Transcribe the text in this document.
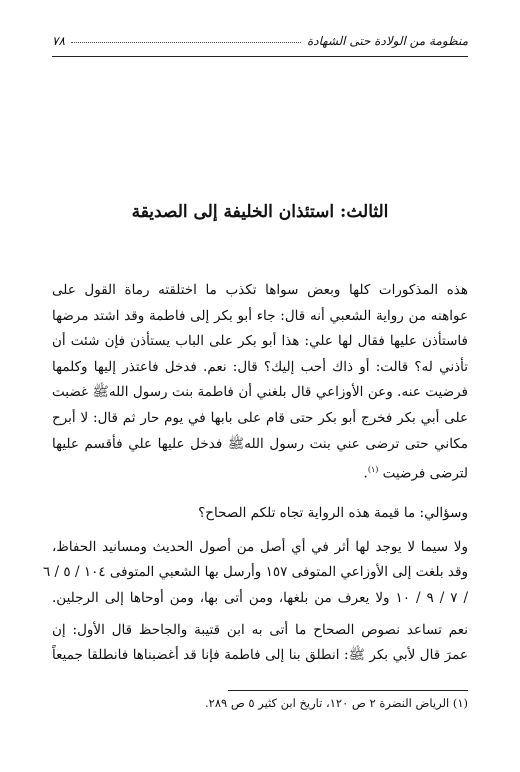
منظومة من الولادة حتى الشهادة
٧٨
الثالث: استئذان الخليفة إلى الصديقة
هذه المذكورات كلها وبعض سواها تكذب ما اختلقته رماة القول على
عواهنه من رواية الشعبي أنه قال: جاء أبو بكر إلى فاطمة وقد اشتد مرضها
فاستأذن عليها فقال لها علي: هذا أبو بكر على الباب يستأذن فإن شئت أن
تأذني له؟ قالت: أو ذاك أحب إليك؟ قال: نعم. فدخل فاعتذر إليها وكلمها
فرضيت عنه. وعن الأوزاعي قال بلغني أن فاطمة بنت رسول اللهﷺ غضبت
على أبي بكر فخرج أبو بكر حتى قام على بابها في يوم حار ثم قال: لا أبرح
مكاني حتى ترضى عني بنت رسول اللهﷺ فدخل عليها علي فأقسم عليها
لترضى فرضيت $^{(١)}$.
وسؤالي: ما قيمة هذه الرواية تجاه تلكم الصحاح؟
ولا سيما لا يوجد لها أثر في أي أصل من أصول الحديث ومسانيد الحفاظ،
وقد بلغت إلى الأوزاعي المتوفى ١٥٧ وأرسل بها الشعبي المتوفى ١٠٤ / ٥ / ٦
/ ٧ / ٩ / ١٠ ولا يعرف من بلغها، ومن أتى بها، ومن أوحاها إلى الرجلين.
نعم تساعد نصوص الصحاح ما أتى به ابن قتيبة والجاحظ قال الأول: إن
عمرَ قال لأبي بكر ﷺ: انطلق بنا إلى فاطمة فإنا قد أغضبناها فانطلقا جميعاً
(١) الرياض النضرة ٢ ص ١٢٠، تاريخ ابن كثير ٥ ص ٢٨٩.
